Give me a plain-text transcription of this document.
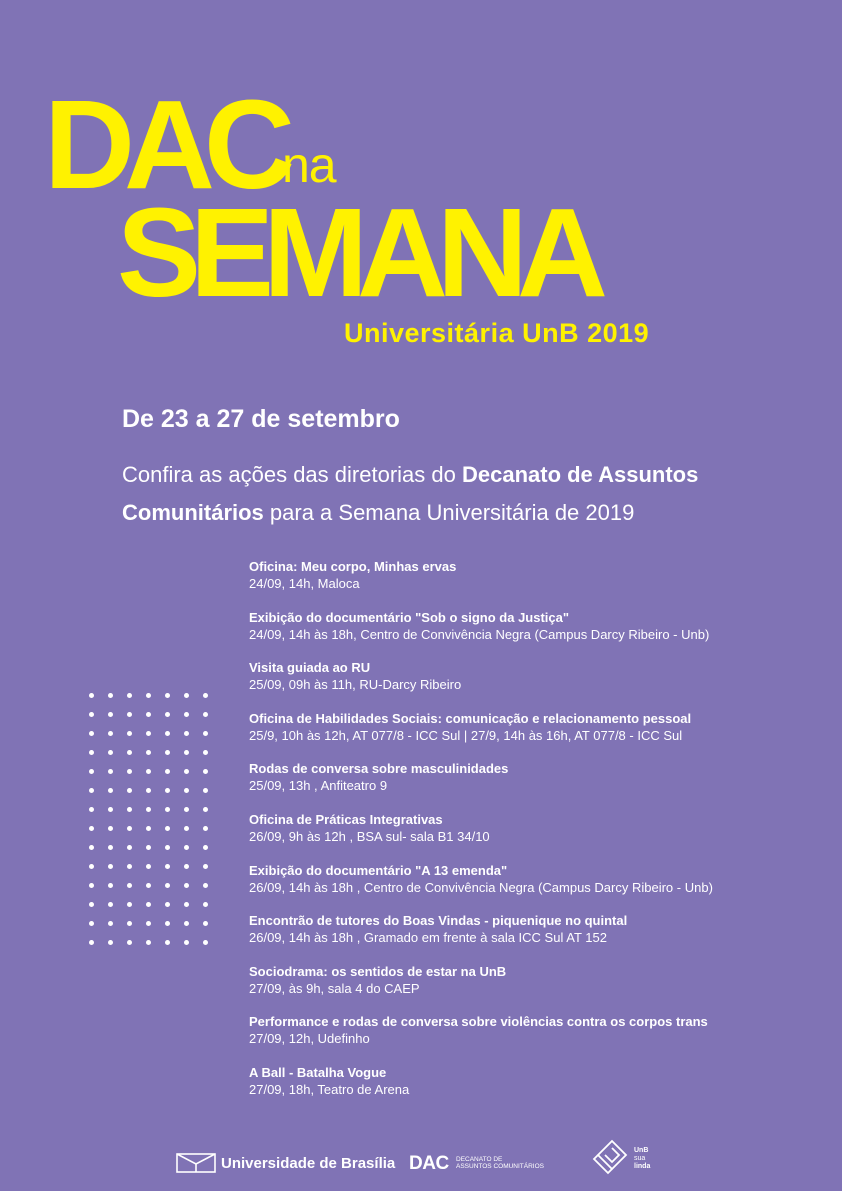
DAC
na
SEMANA
Universitária UnB 2019
De 23 a 27 de setembro
Confira as ações das diretorias do Decanato de Assuntos
Comunitários para a Semana Universitária de 2019
Oficina: Meu corpo, Minhas ervas
24/09, 14h, Maloca
Exibição do documentário "Sob o signo da Justiça"
24/09, 14h às 18h, Centro de Convivência Negra (Campus Darcy Ribeiro - Unb)
Visita guiada ao RU
25/09, 09h às 11h, RU-Darcy Ribeiro
Oficina de Habilidades Sociais: comunicação e relacionamento pessoal
25/9, 10h às 12h, AT 077/8 - ICC Sul | 27/9, 14h às 16h, AT 077/8 - ICC Sul
Rodas de conversa sobre masculinidades
25/09, 13h , Anfiteatro 9
Oficina de Práticas Integrativas
26/09, 9h às 12h , BSA sul- sala B1 34/10
Exibição do documentário "A 13 emenda"
26/09, 14h às 18h , Centro de Convivência Negra (Campus Darcy Ribeiro - Unb)
Encontrão de tutores do Boas Vindas - piquenique no quintal
26/09, 14h às 18h , Gramado em frente à sala ICC Sul AT 152
Sociodrama: os sentidos de estar na UnB
27/09, às 9h, sala 4 do CAEP
Performance e rodas de conversa sobre violências contra os corpos trans
27/09, 12h, Udefinho
A Ball - Batalha Vogue
27/09, 18h, Teatro de Arena
Universidade de Brasília DAC DECANATO DE
ASSUNTOS COMUNITÁRIOS
UnB
sua
linda
